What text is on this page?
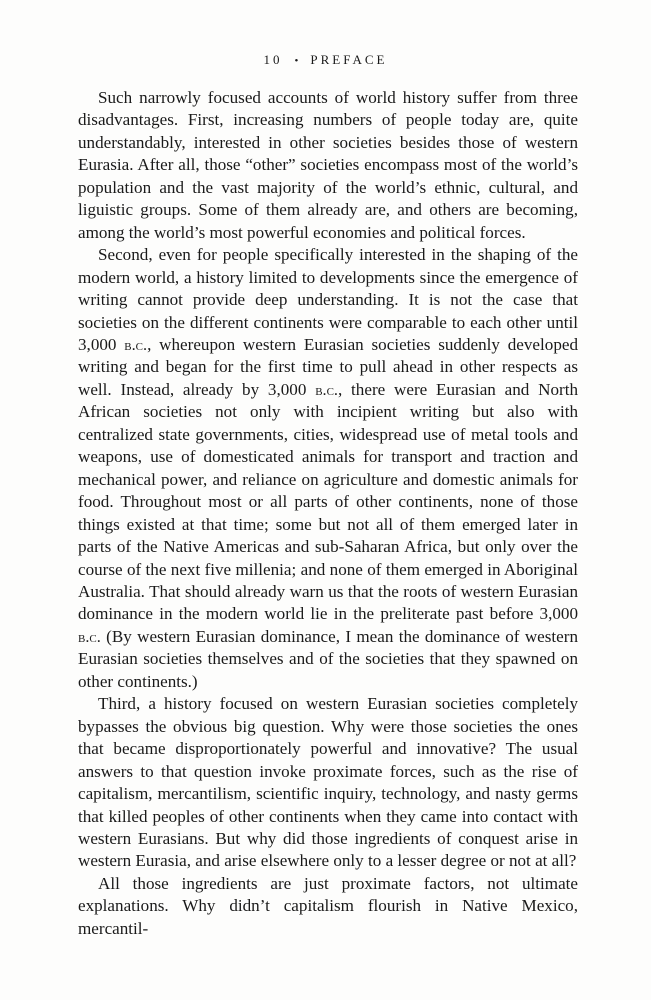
10 • PREFACE

Such narrowly focused accounts of world history suffer from three disadvantages. First, increasing numbers of people today are, quite understandably, interested in other societies besides those of western Eurasia. After all, those “other” societies encompass most of the world’s population and the vast majority of the world’s ethnic, cultural, and liguistic groups. Some of them already are, and others are becoming, among the world’s most powerful economies and political forces.

Second, even for people specifically interested in the shaping of the modern world, a history limited to developments since the emergence of writing cannot provide deep understanding. It is not the case that societies on the different continents were comparable to each other until 3,000 b.c., whereupon western Eurasian societies suddenly developed writing and began for the first time to pull ahead in other respects as well. Instead, already by 3,000 b.c., there were Eurasian and North African societies not only with incipient writing but also with centralized state governments, cities, widespread use of metal tools and weapons, use of domesticated animals for transport and traction and mechanical power, and reliance on agriculture and domestic animals for food. Throughout most or all parts of other continents, none of those things existed at that time; some but not all of them emerged later in parts of the Native Americas and sub-Saharan Africa, but only over the course of the next five millenia; and none of them emerged in Aboriginal Australia. That should already warn us that the roots of western Eurasian dominance in the modern world lie in the preliterate past before 3,000 b.c. (By western Eurasian dominance, I mean the dominance of western Eurasian societies themselves and of the societies that they spawned on other continents.)

Third, a history focused on western Eurasian societies completely bypasses the obvious big question. Why were those societies the ones that became disproportionately powerful and innovative? The usual answers to that question invoke proximate forces, such as the rise of capitalism, mercantilism, scientific inquiry, technology, and nasty germs that killed peoples of other continents when they came into contact with western Eurasians. But why did those ingredients of conquest arise in western Eurasia, and arise elsewhere only to a lesser degree or not at all?

All those ingredients are just proximate factors, not ultimate explanations. Why didn’t capitalism flourish in Native Mexico, mercantil-
